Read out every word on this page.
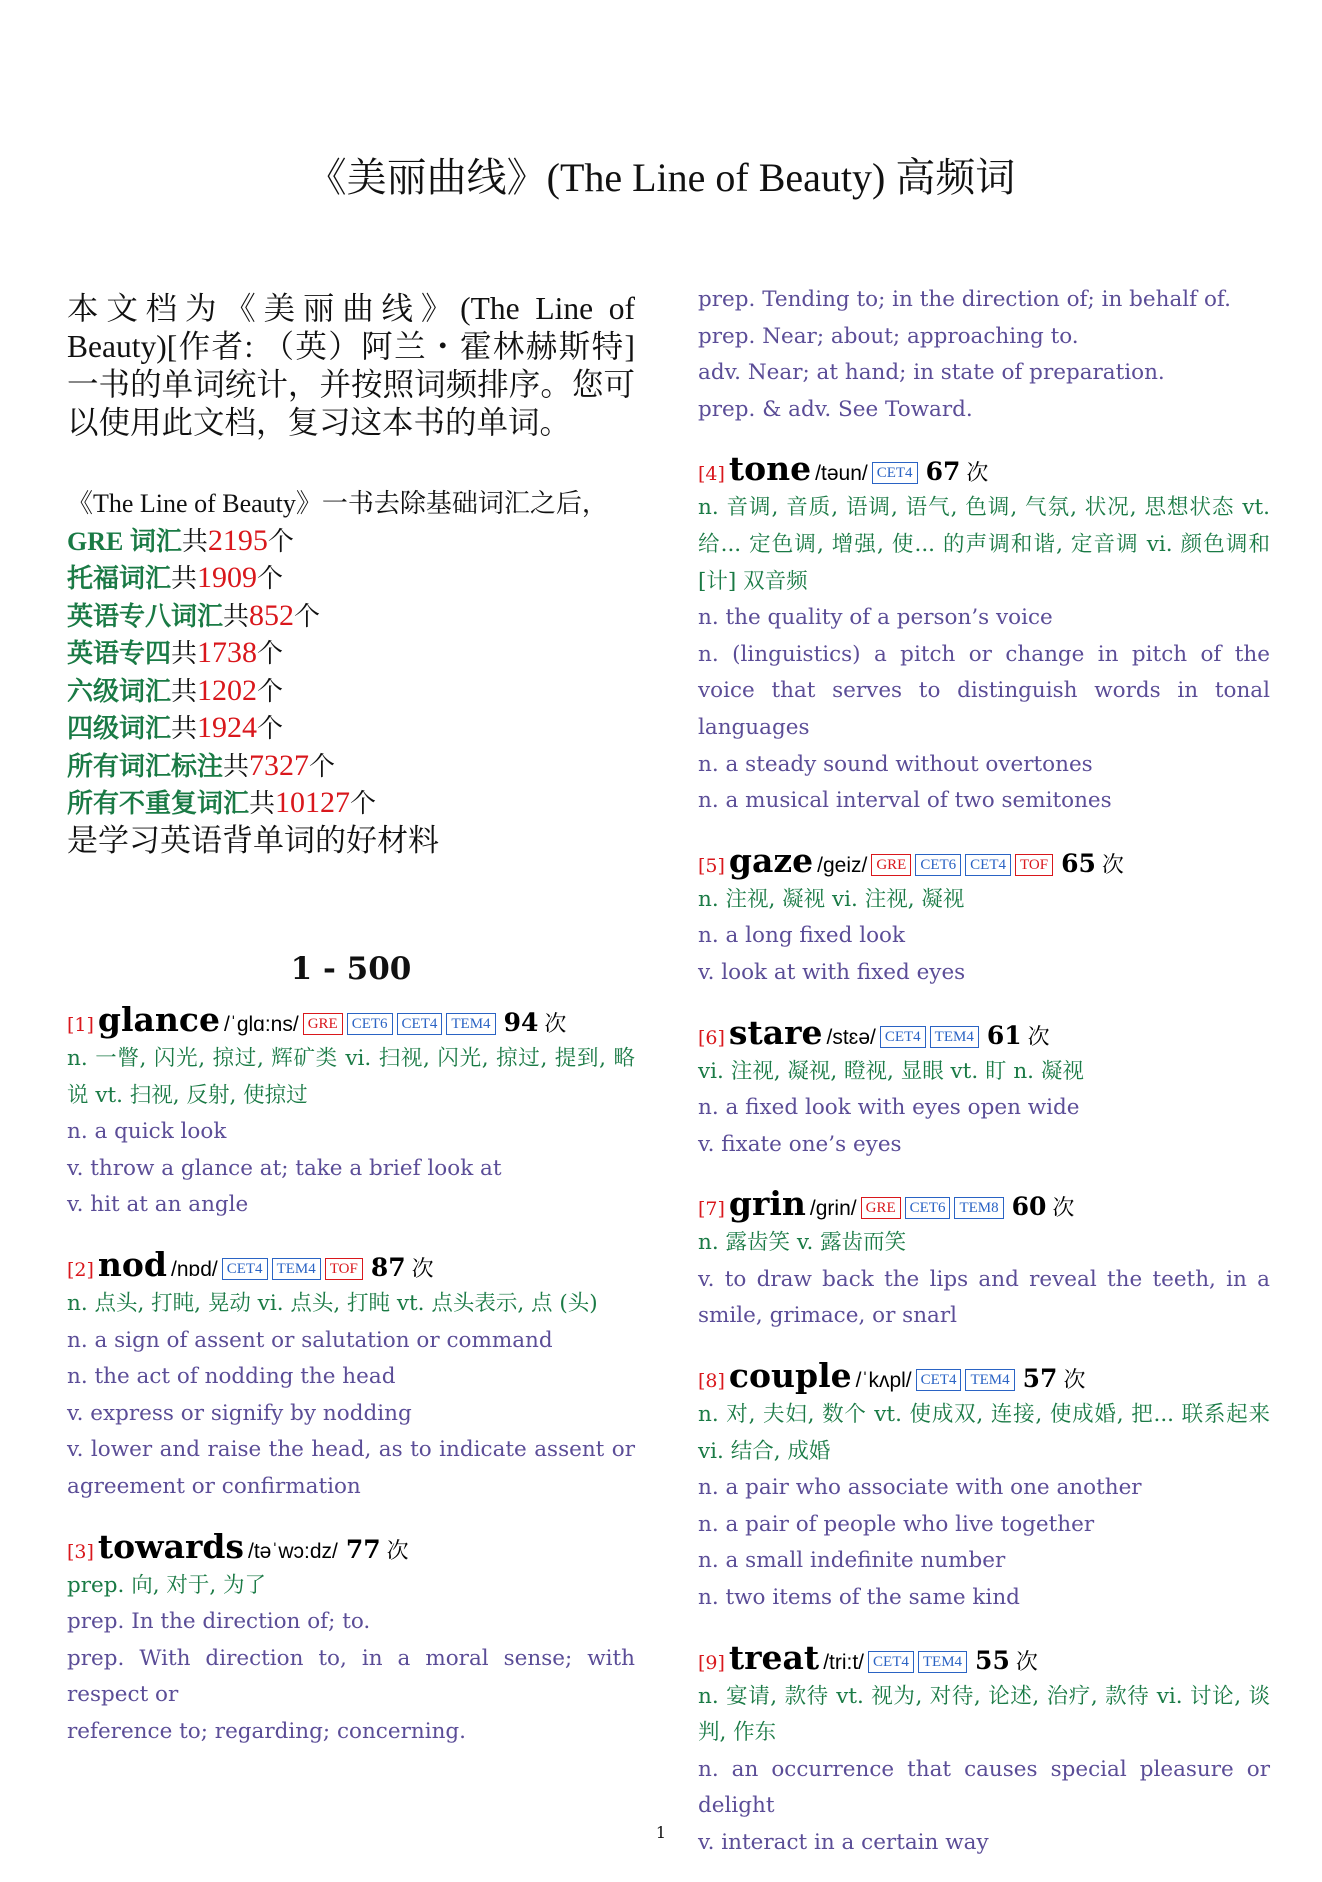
《美丽曲线》(The Line of Beauty) 高频词

本文档为《美丽曲线》(The Line of Beauty)[作者: （英）阿兰・霍林赫斯特] 一书的单词统计，并按照词频排序。您可以使用此文档，复习这本书的单词。

《The Line of Beauty》一书去除基础词汇之后，
GRE 词汇共2195个
托福词汇共1909个
英语专八词汇共852个
英语专四共1738个
六级词汇共1202个
四级词汇共1924个
所有词汇标注共7327个
所有不重复词汇共10127个
是学习英语背单词的好材料
1 - 500
[1] glance /ˈglɑ:ns/ GRE CET6 CET4 TEM4 94 次

n. 一瞥, 闪光, 掠过, 辉矿类 vi. 扫视, 闪光, 掠过, 提到, 略说 vt. 扫视, 反射, 使掠过

n. a quick look

v. throw a glance at; take a brief look at

v. hit at an angle

[2] nod /nɒd/ CET4 TEM4 TOF 87 次

n. 点头, 打盹, 晃动 vi. 点头, 打盹 vt. 点头表示, 点 (头)

n. a sign of assent or salutation or command

n. the act of nodding the head

v. express or signify by nodding

v. lower and raise the head, as to indicate assent or agreement or confirmation

[3] towards /təˈwɔ:dz/ 77 次

prep. 向, 对于, 为了

prep. In the direction of; to.

prep. With direction to, in a moral sense; with respect or

reference to; regarding; concerning.

prep. Tending to; in the direction of; in behalf of.

prep. Near; about; approaching to.

adv. Near; at hand; in state of preparation.

prep. & adv. See Toward.

[4] tone /təun/ CET4 67 次

n. 音调, 音质, 语调, 语气, 色调, 气氛, 状况, 思想状态 vt. 给... 定色调, 增强, 使... 的声调和谐, 定音调 vi. 颜色调和 [计] 双音频

n. the quality of a person’s voice

n. (linguistics) a pitch or change in pitch of the voice that serves to distinguish words in tonal languages

n. a steady sound without overtones

n. a musical interval of two semitones

[5] gaze /geiz/ GRE CET6 CET4 TOF 65 次

n. 注视, 凝视 vi. 注视, 凝视

n. a long fixed look

v. look at with fixed eyes

[6] stare /stɛə/ CET4 TEM4 61 次

vi. 注视, 凝视, 瞪视, 显眼 vt. 盯 n. 凝视

n. a fixed look with eyes open wide

v. fixate one’s eyes

[7] grin /grin/ GRE CET6 TEM8 60 次

n. 露齿笑 v. 露齿而笑

v. to draw back the lips and reveal the teeth, in a smile, grimace, or snarl

[8] couple /ˈkʌpl/ CET4 TEM4 57 次

n. 对, 夫妇, 数个 vt. 使成双, 连接, 使成婚, 把... 联系起来 vi. 结合, 成婚

n. a pair who associate with one another

n. a pair of people who live together

n. a small indefinite number

n. two items of the same kind

[9] treat /tri:t/ CET4 TEM4 55 次

n. 宴请, 款待 vt. 视为, 对待, 论述, 治疗, 款待 vi. 讨论, 谈判, 作东

n. an occurrence that causes special pleasure or delight

v. interact in a certain way

1
